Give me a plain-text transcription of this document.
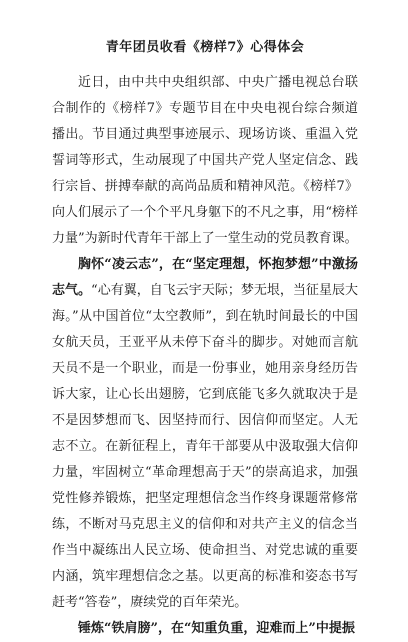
青年团员收看《榜样7》心得体会

近日，由中共中央组织部、中央广播电视总台联合制作的《榜样7》专题节目在中央电视台综合频道播出。节目通过典型事迹展示、现场访谈、重温入党誓词等形式，生动展现了中国共产党人坚定信念、践行宗旨、拼搏奉献的高尚品质和精神风范。《榜样7》向人们展示了一个个平凡身躯下的不凡之事，用“榜样力量”为新时代青年干部上了一堂生动的党员教育课。

胸怀“凌云志”，在“坚定理想，怀抱梦想”中激扬志气。“心有翼，自飞云宇天际；梦无垠，当征星辰大海。”从中国首位“太空教师”，到在轨时间最长的中国女航天员，王亚平从未停下奋斗的脚步。对她而言航天员不是一个职业，而是一份事业，她用亲身经历告诉大家，让心长出翅膀，它到底能飞多久就取决于是不是因梦想而飞、因坚持而行、因信仰而坚定。人无志不立。在新征程上，青年干部要从中汲取强大信仰力量，牢固树立“革命理想高于天”的崇高追求，加强党性修养锻炼，把坚定理想信念当作终身课题常修常练，不断对马克思主义的信仰和对共产主义的信念当作当中凝练出人民立场、使命担当、对党忠诚的重要内涵，筑牢理想信念之基。以更高的标准和姿态书写赶考“答卷”，赓续党的百年荣光。

锤炼“铁肩膀”，在“知重负重，迎难而上”中提振
